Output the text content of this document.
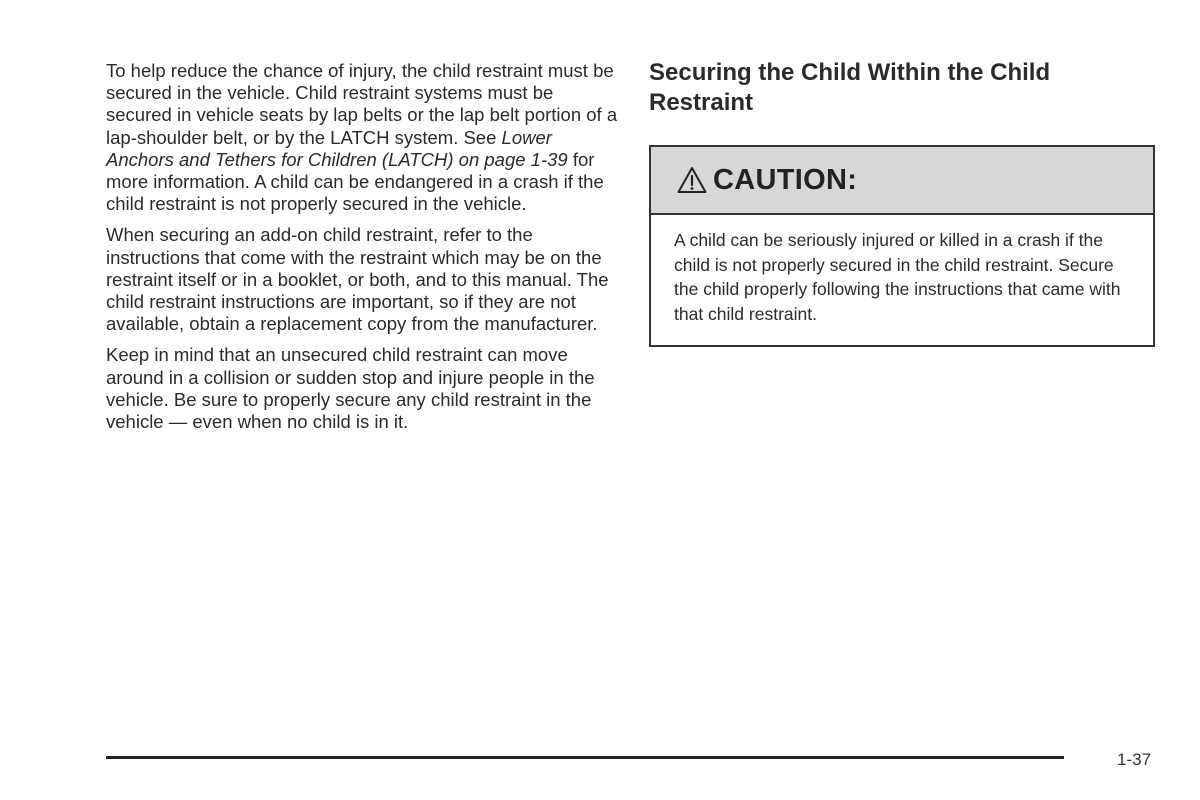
To help reduce the chance of injury, the child restraint must be secured in the vehicle. Child restraint systems must be secured in vehicle seats by lap belts or the lap belt portion of a lap-shoulder belt, or by the LATCH system. See Lower Anchors and Tethers for Children (LATCH) on page 1-39 for more information. A child can be endangered in a crash if the child restraint is not properly secured in the vehicle.

When securing an add-on child restraint, refer to the instructions that come with the restraint which may be on the restraint itself or in a booklet, or both, and to this manual. The child restraint instructions are important, so if they are not available, obtain a replacement copy from the manufacturer.

Keep in mind that an unsecured child restraint can move around in a collision or sudden stop and injure people in the vehicle. Be sure to properly secure any child restraint in the vehicle — even when no child is in it.

Securing the Child Within the Child Restraint
CAUTION:
A child can be seriously injured or killed in a crash if the child is not properly secured in the child restraint. Secure the child properly following the instructions that came with that child restraint.
1-37
